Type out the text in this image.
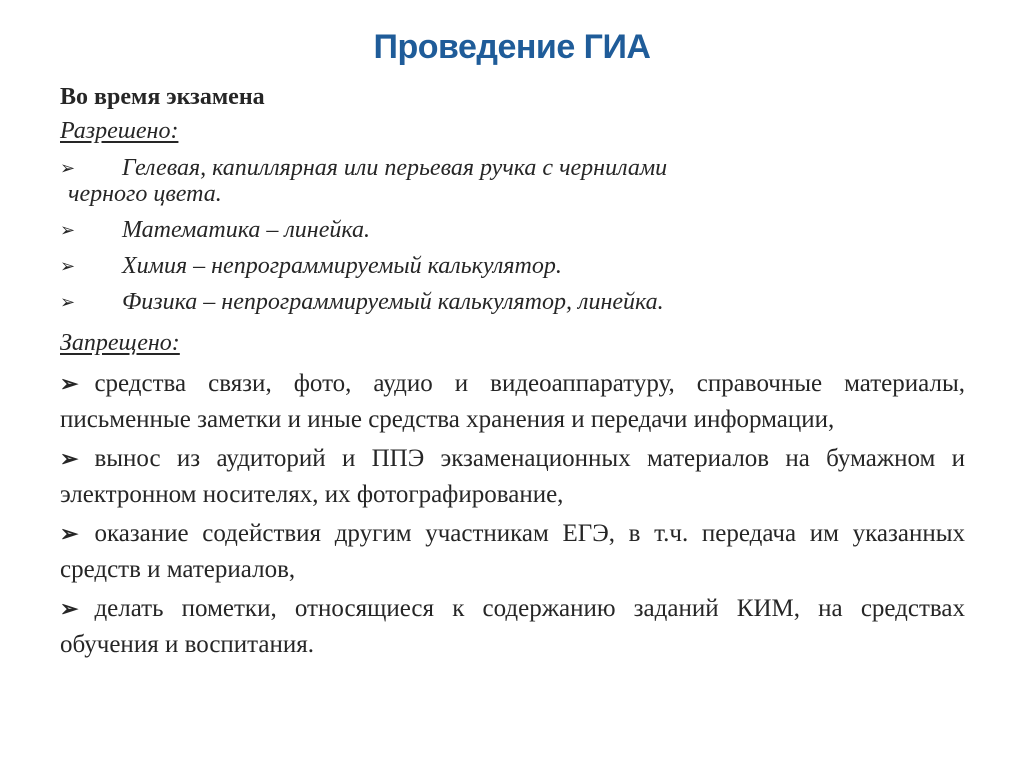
Проведение ГИА
Во время экзамена
Разрешено:
➢	Гелевая, капиллярная или перьевая ручка с чернилами
черного цвета.
➢	Математика – линейка.
➢	Химия – непрограммируемый калькулятор.
➢	Физика – непрограммируемый калькулятор, линейка.
Запрещено:
➢ средства связи, фото, аудио и видеоаппаратуру, справочные материалы, письменные заметки и иные средства хранения и передачи информации,
➢ вынос из аудиторий и ППЭ экзаменационных материалов на бумажном и электронном носителях, их фотографирование,
➢ оказание содействия другим участникам ЕГЭ, в т.ч. передача им указанных средств и материалов,
➢ делать пометки, относящиеся к содержанию заданий КИМ, на средствах обучения и воспитания.
